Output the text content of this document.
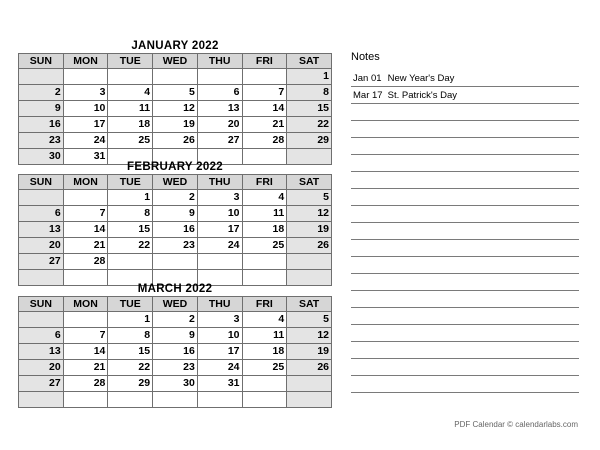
JANUARY 2022
SUN	MON	TUE	WED	THU	FRI	SAT
						1
2	3	4	5	6	7	8
9	10	11	12	13	14	15
16	17	18	19	20	21	22
23	24	25	26	27	28	29
30	31					
FEBRUARY 2022
SUN	MON	TUE	WED	THU	FRI	SAT
		1	2	3	4	5
6	7	8	9	10	11	12
13	14	15	16	17	18	19
20	21	22	23	24	25	26
27	28					

MARCH 2022
SUN	MON	TUE	WED	THU	FRI	SAT
		1	2	3	4	5
6	7	8	9	10	11	12
13	14	15	16	17	18	19
20	21	22	23	24	25	26
27	28	29	30	31		

Notes
Jan 01 New Year's Day
Mar 17 St. Patrick's Day
PDF Calendar © calendarlabs.com
